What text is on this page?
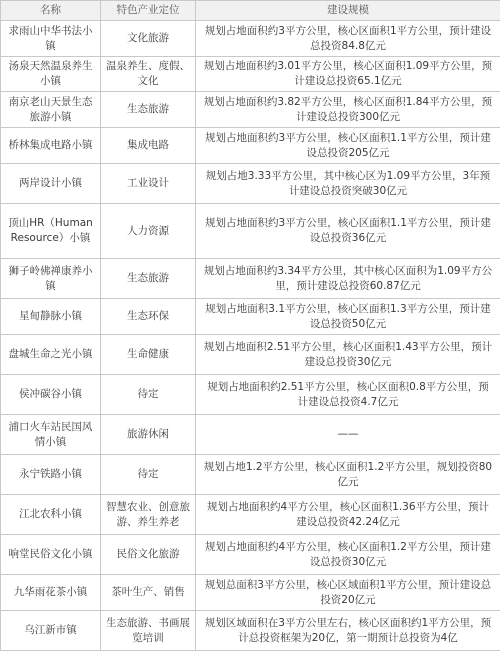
名称	特色产业定位	建设规模
求雨山中华书法小镇	文化旅游	规划占地面积约3平方公里，核心区面积1平方公里，预计建设总投资84.8亿元
汤泉天然温泉养生小镇	温泉养生、度假、文化	规划占地面积约3.01平方公里，核心区面积1.09平方公里，预计建设总投资65.1亿元
南京老山天景生态旅游小镇	生态旅游	规划占地面积约3.82平方公里，核心区面积1.84平方公里，预计建设总投资300亿元
桥林集成电路小镇	集成电路	规划占地面积约3平方公里，核心区面积1.1平方公里，预计建设总投资205亿元
两岸设计小镇	工业设计	规划占地3.33平方公里，其中核心区为1.09平方公里，3年预计建设总投资突破30亿元
顶山HR（Human Resource）小镇	人力资源	规划占地面积约3平方公里，核心区面积1.1平方公里，预计建设总投资36亿元
狮子岭佛禅康养小镇	生态旅游	规划占地面积约3.34平方公里，其中核心区面积为1.09平方公里，预计建设总投资60.87亿元
星甸静脉小镇	生态环保	规划占地面积3.1平方公里，核心区面积1.3平方公里，预计建设总投资50亿元
盘城生命之光小镇	生命健康	规划占地面积2.51平方公里，核心区面积1.43平方公里，预计建设总投资30亿元
侯冲碳谷小镇	待定	规划占地面积约2.51平方公里，核心区面积0.8平方公里，预计建设总投资4.7亿元
浦口火车站民国风情小镇	旅游休闲	——
永宁铁路小镇	待定	规划占地1.2平方公里，核心区面积1.2平方公里，规划投资80亿元
江北农科小镇	智慧农业、创意旅游、养生养老	规划占地面积约4平方公里，核心区面积1.36平方公里，预计建设总投资42.24亿元
响堂民俗文化小镇	民俗文化旅游	规划占地面积约4平方公里，核心区面积1.2平方公里，预计建设总投资30亿元
九华雨花茶小镇	茶叶生产、销售	规划总面积3平方公里，核心区域面积1平方公里，预计建设总投资20亿元
乌江新市镇	生态旅游、书画展览培训	规划区域面积在3平方公里左右，核心区面积约1平方公里，预计总投资框架为20亿，第一期预计总投资为4亿
